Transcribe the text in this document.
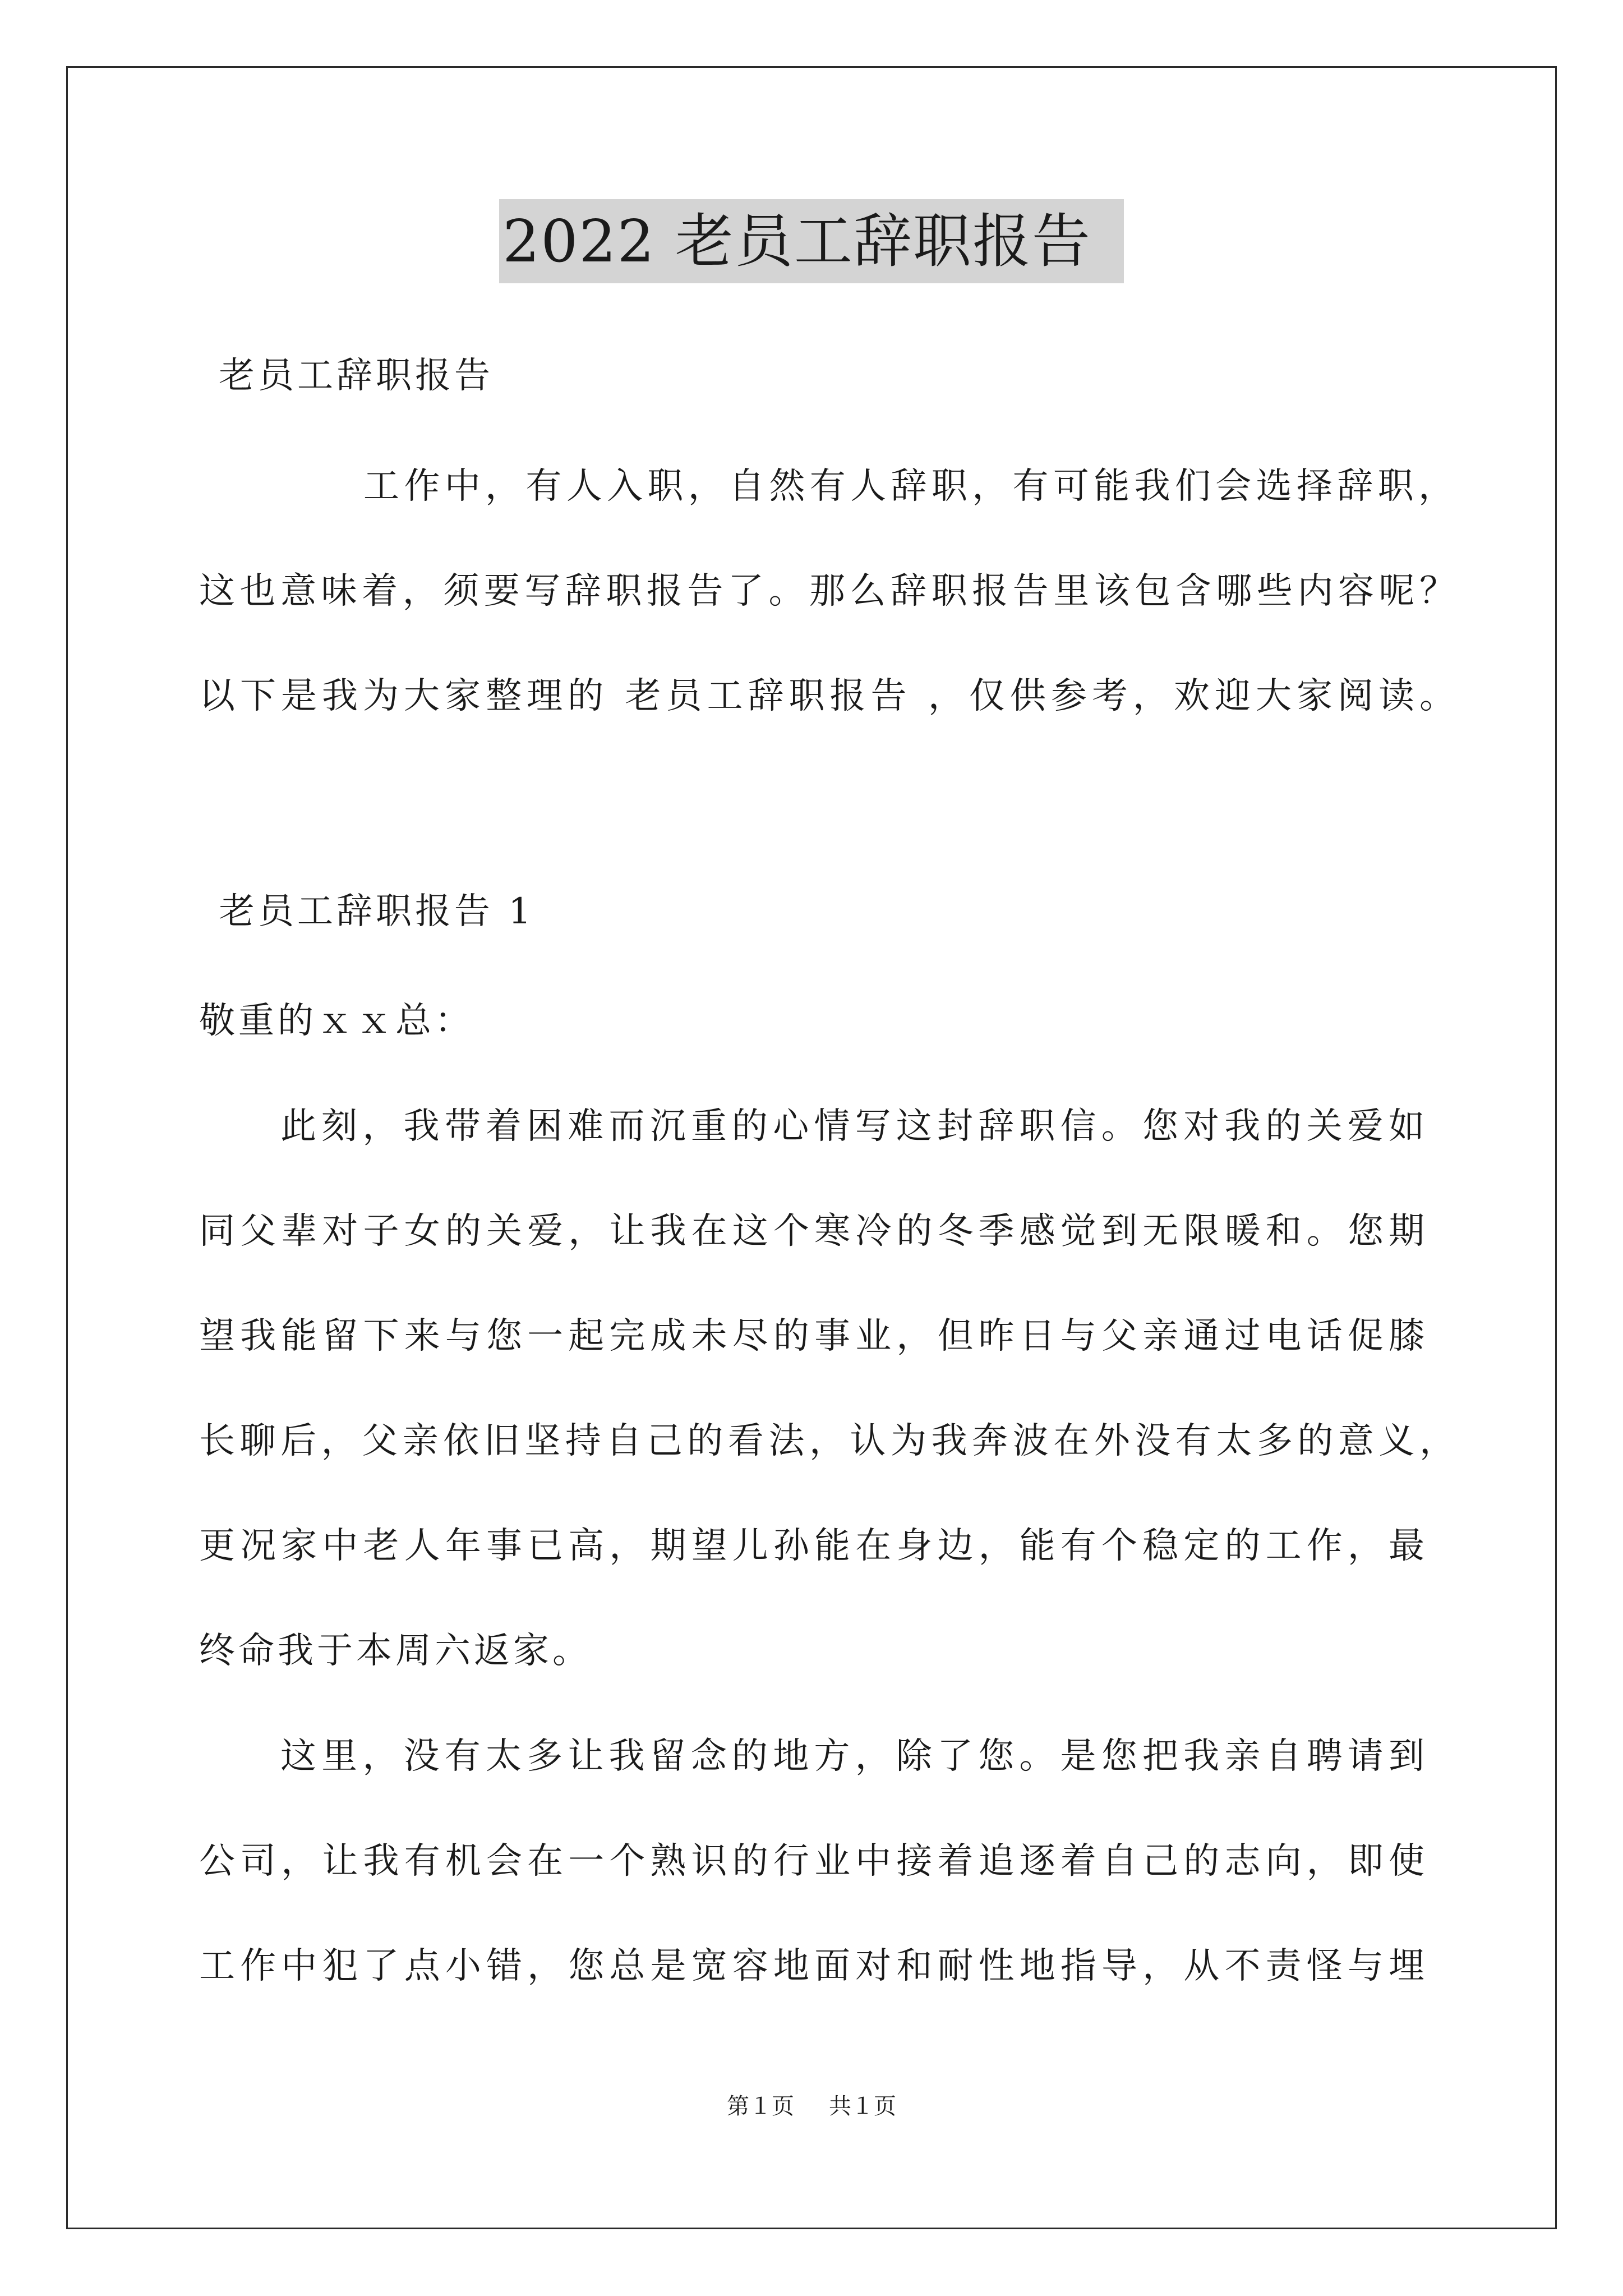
2022 老员工辞职报告
老员工辞职报告
工作中，有人入职，自然有人辞职，有可能我们会选择辞职，
这也意味着，须要写辞职报告了。那么辞职报告里该包含哪些内容呢？
以下是我为大家整理的 老员工辞职报告 ，仅供参考，欢迎大家阅读。
老员工辞职报告 1
敬重的ｘｘ总：
此刻，我带着困难而沉重的心情写这封辞职信。您对我的关爱如
同父辈对子女的关爱，让我在这个寒冷的冬季感觉到无限暖和。您期
望我能留下来与您一起完成未尽的事业，但昨日与父亲通过电话促膝
长聊后，父亲依旧坚持自己的看法，认为我奔波在外没有太多的意义，
更况家中老人年事已高，期望儿孙能在身边，能有个稳定的工作，最
终命我于本周六返家。
这里，没有太多让我留念的地方，除了您。是您把我亲自聘请到
公司，让我有机会在一个熟识的行业中接着追逐着自己的志向，即使
工作中犯了点小错，您总是宽容地面对和耐性地指导，从不责怪与埋
第１页 共１页
